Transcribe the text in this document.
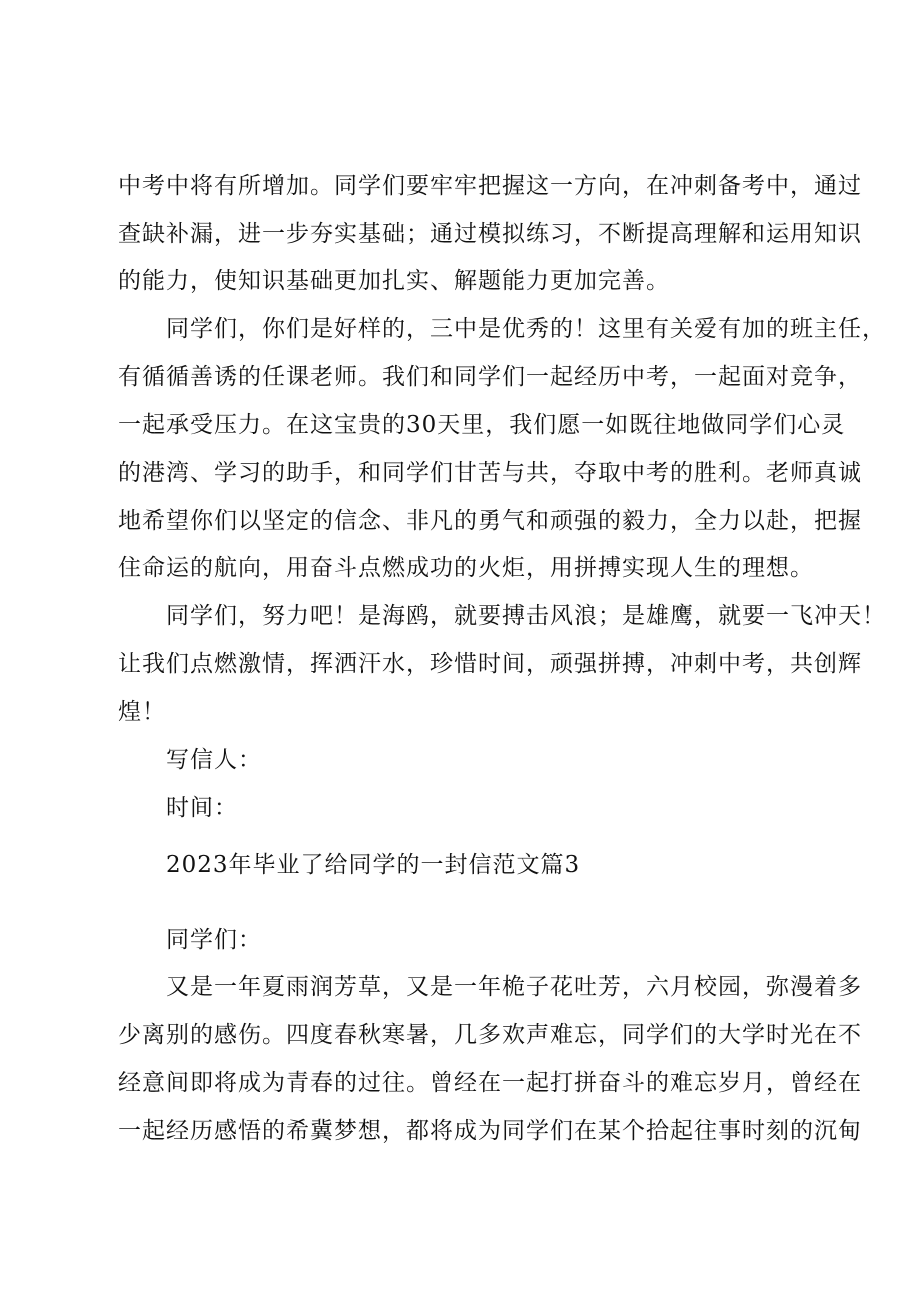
中考中将有所增加。同学们要牢牢把握这一方向，在冲刺备考中，通过
查缺补漏，进一步夯实基础；通过模拟练习，不断提高理解和运用知识
的能力，使知识基础更加扎实、解题能力更加完善。
同学们，你们是好样的，三中是优秀的！这里有关爱有加的班主任，
有循循善诱的任课老师。我们和同学们一起经历中考，一起面对竞争，
一起承受压力。在这宝贵的30天里，我们愿一如既往地做同学们心灵
的港湾、学习的助手，和同学们甘苦与共，夺取中考的胜利。老师真诚
地希望你们以坚定的信念、非凡的勇气和顽强的毅力，全力以赴，把握
住命运的航向，用奋斗点燃成功的火炬，用拼搏实现人生的理想。
同学们，努力吧！是海鸥，就要搏击风浪；是雄鹰，就要一飞冲天！
让我们点燃激情，挥洒汗水，珍惜时间，顽强拼搏，冲刺中考，共创辉
煌！
写信人：
时间：
2023年毕业了给同学的一封信范文篇3
同学们：
又是一年夏雨润芳草，又是一年桅子花吐芳，六月校园，弥漫着多
少离别的感伤。四度春秋寒暑，几多欢声难忘，同学们的大学时光在不
经意间即将成为青春的过往。曾经在一起打拼奋斗的难忘岁月，曾经在
一起经历感悟的希冀梦想，都将成为同学们在某个拾起往事时刻的沉甸
